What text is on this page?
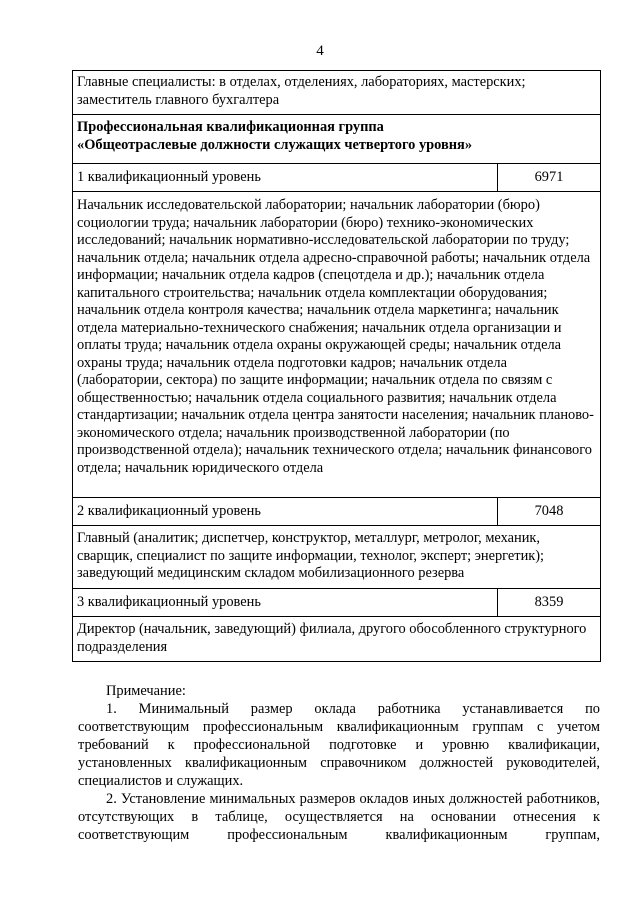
4
Главные специалисты: в отделах, отделениях, лабораториях, мастерских; заместитель главного бухгалтера	

Профессиональная квалификационная группа
«Общеотраслевые должности служащих четвертого уровня»	

1 квалификационный уровень	6971
Начальник исследовательской лаборатории; начальник лаборатории (бюро) социологии труда; начальник лаборатории (бюро) технико-экономических исследований; начальник нормативно-исследовательской лаборатории по труду; начальник отдела; начальник отдела адресно-справочной работы; начальник отдела информации; начальник отдела кадров (спецотдела и др.); начальник отдела капитального строительства; начальник отдела комплектации оборудования; начальник отдела контроля качества; начальник отдела маркетинга; начальник отдела материально-технического снабжения; начальник отдела организации и оплаты труда; начальник отдела охраны окружающей среды; начальник отдела охраны труда; начальник отдела подготовки кадров; начальник отдела (лаборатории, сектора) по защите информации; начальник отдела по связям с общественностью; начальник отдела социального развития; начальник отдела стандартизации; начальник отдела центра занятости населения; начальник планово-экономического отдела; начальник производственной лаборатории (по производственной отдела); начальник технического отдела; начальник финансового отдела; начальник юридического отдела	
2 квалификационный уровень	7048
Главный (аналитик; диспетчер, конструктор, металлург, метролог, механик, сварщик, специалист по защите информации, технолог, эксперт; энергетик); заведующий медицинским складом мобилизационного резерва	
3 квалификационный уровень	8359
Директор (начальник, заведующий) филиала, другого обособленного структурного подразделения	

Примечание:

1. Минимальный размер оклада работника устанавливается по соответствующим профессиональным квалификационным группам с учетом требований к профессиональной подготовке и уровню квалификации, установленных квалификационным справочником должностей руководителей, специалистов и служащих.

2. Установление минимальных размеров окладов иных должностей работников, отсутствующих в таблице, осуществляется на основании отнесения к соответствующим профессиональным квалификационным группам,
